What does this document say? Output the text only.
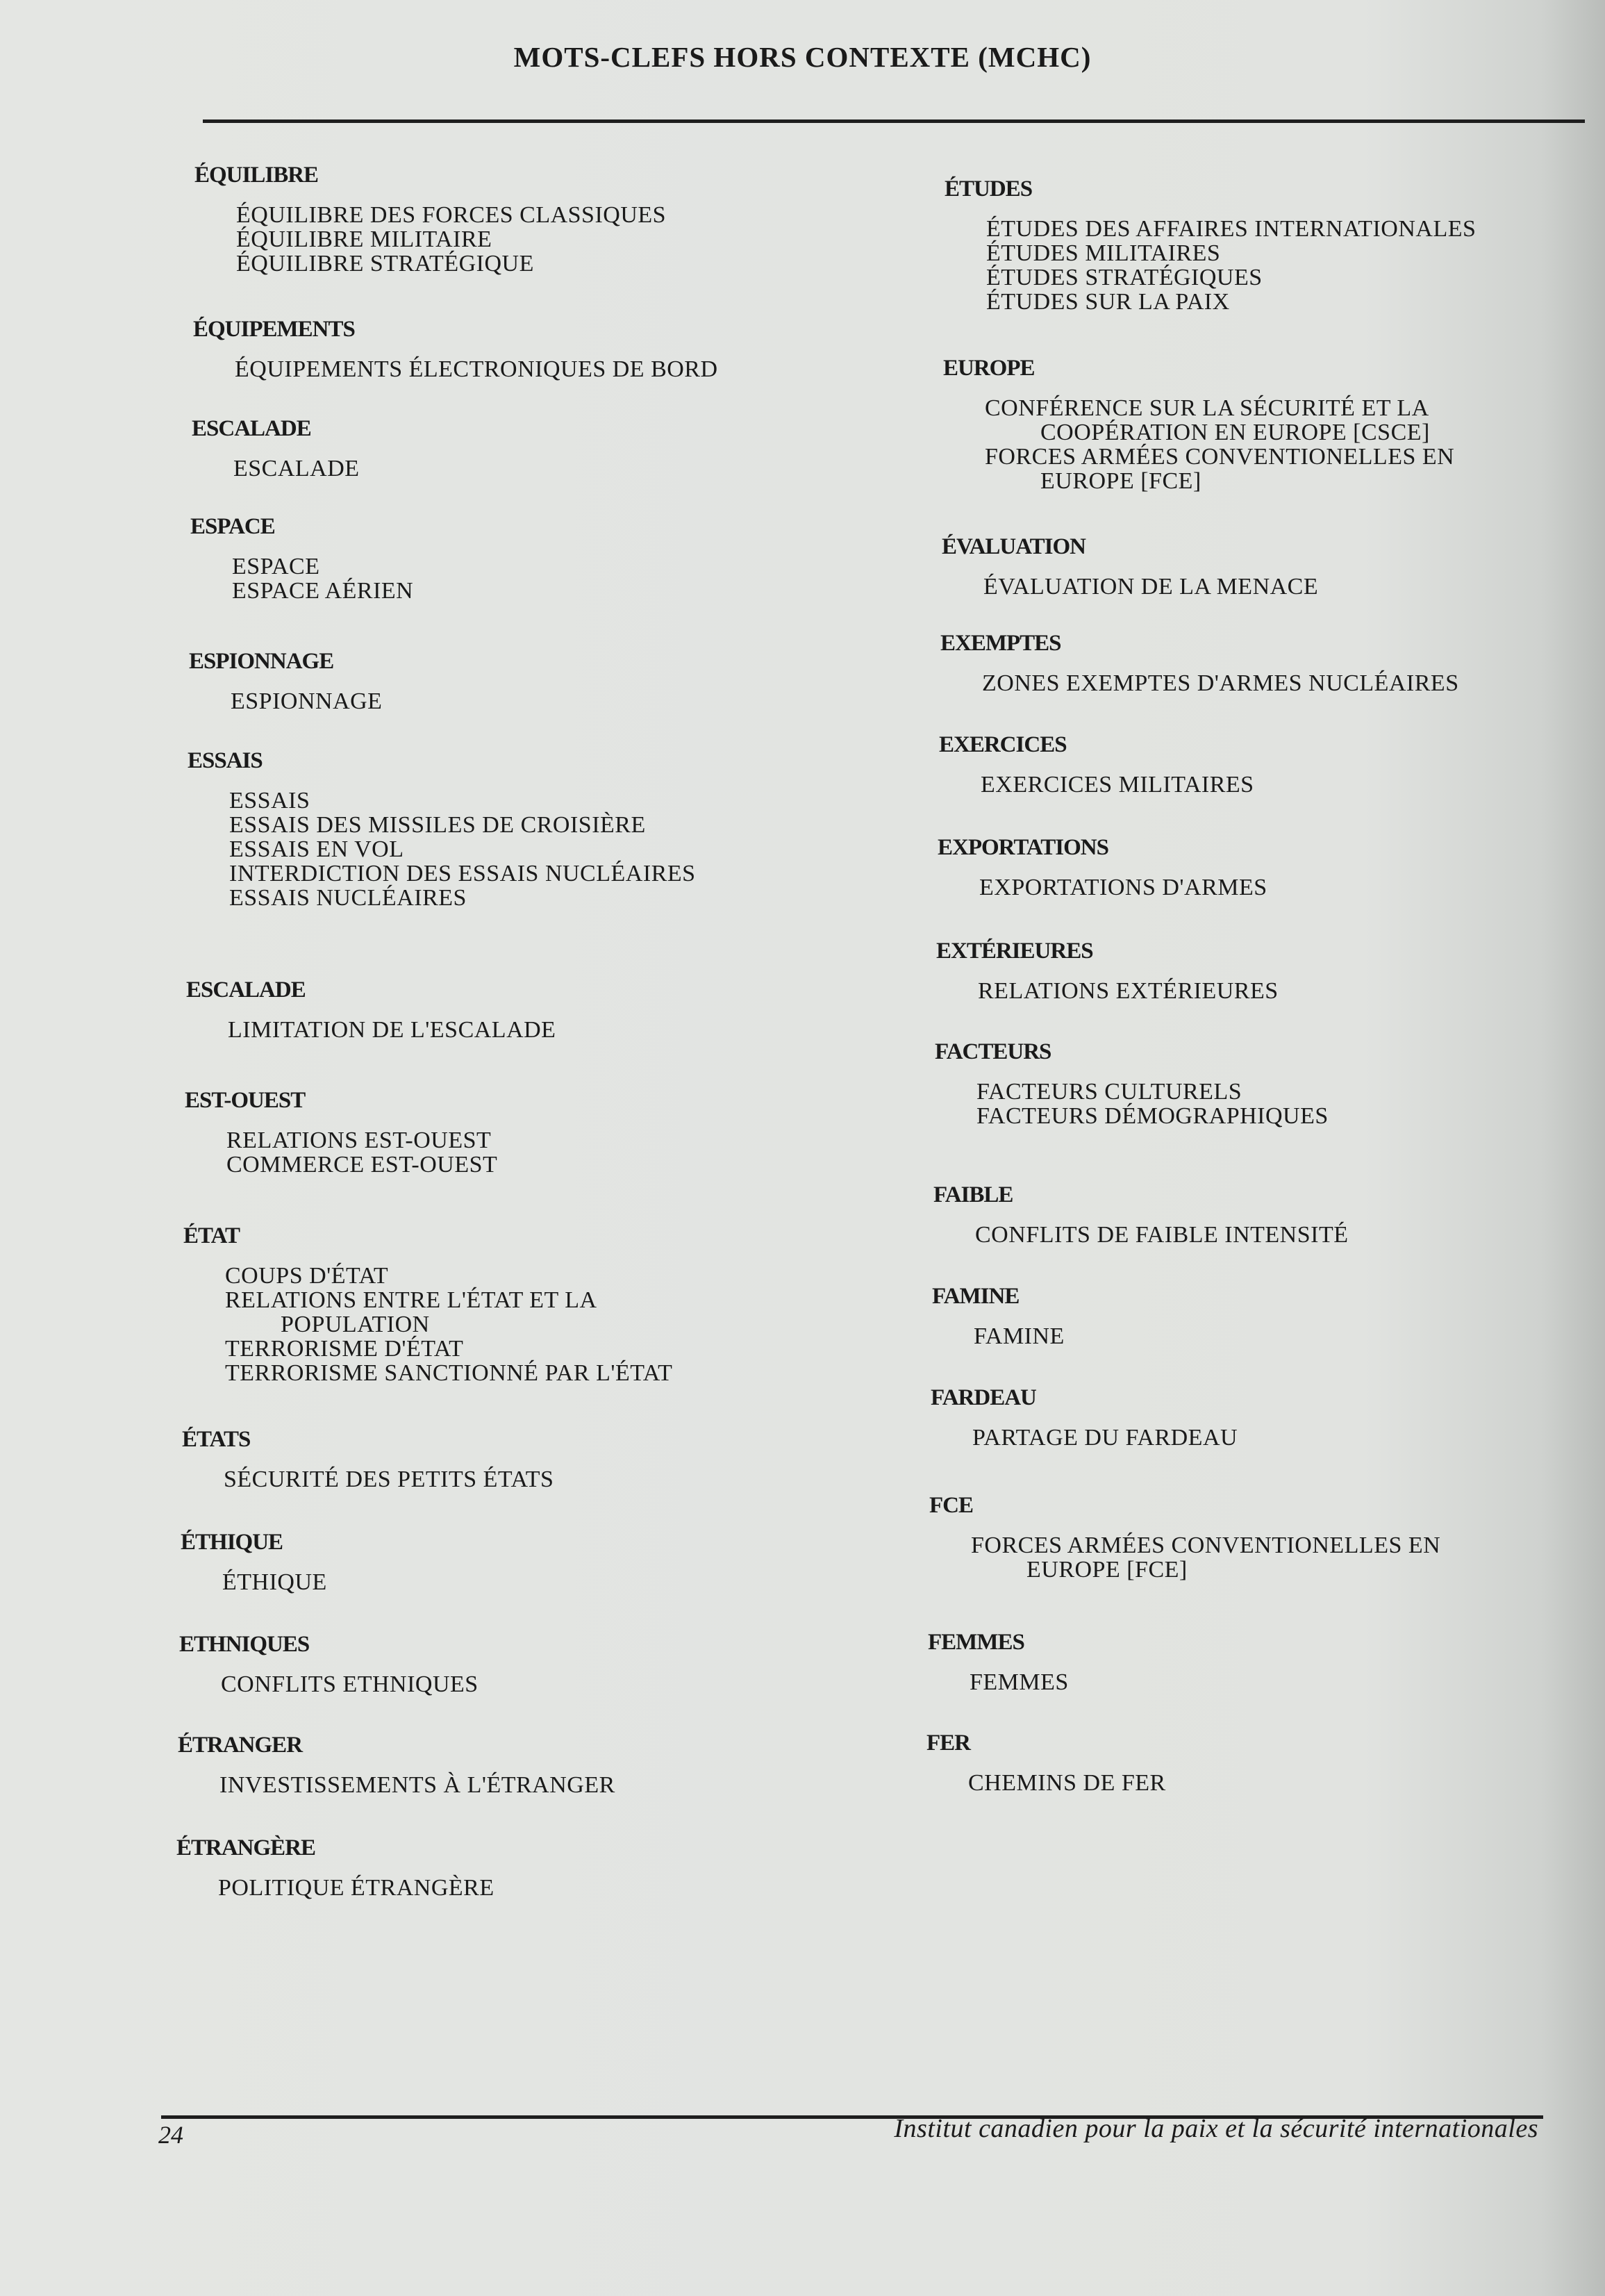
MOTS-CLEFS HORS CONTEXTE (MCHC)
ÉQUILIBRE
ÉQUILIBRE DES FORCES CLASSIQUES
ÉQUILIBRE MILITAIRE
ÉQUILIBRE STRATÉGIQUE
ÉQUIPEMENTS
ÉQUIPEMENTS ÉLECTRONIQUES DE BORD
ESCALADE
ESCALADE
ESPACE
ESPACE
ESPACE AÉRIEN
ESPIONNAGE
ESPIONNAGE
ESSAIS
ESSAIS
ESSAIS DES MISSILES DE CROISIÈRE
ESSAIS EN VOL
INTERDICTION DES ESSAIS NUCLÉAIRES
ESSAIS NUCLÉAIRES
ESCALADE
LIMITATION DE L'ESCALADE
EST-OUEST
RELATIONS EST-OUEST
COMMERCE EST-OUEST
ÉTAT
COUPS D'ÉTAT
RELATIONS ENTRE L'ÉTAT ET LA
POPULATION
TERRORISME D'ÉTAT
TERRORISME SANCTIONNÉ PAR L'ÉTAT
ÉTATS
SÉCURITÉ DES PETITS ÉTATS
ÉTHIQUE
ÉTHIQUE
ETHNIQUES
CONFLITS ETHNIQUES
ÉTRANGER
INVESTISSEMENTS À L'ÉTRANGER
ÉTRANGÈRE
POLITIQUE ÉTRANGÈRE
ÉTUDES
ÉTUDES DES AFFAIRES INTERNATIONALES
ÉTUDES MILITAIRES
ÉTUDES STRATÉGIQUES
ÉTUDES SUR LA PAIX
EUROPE
CONFÉRENCE SUR LA SÉCURITÉ ET LA
COOPÉRATION EN EUROPE [CSCE]
FORCES ARMÉES CONVENTIONELLES EN
EUROPE [FCE]
ÉVALUATION
ÉVALUATION DE LA MENACE
EXEMPTES
ZONES EXEMPTES D'ARMES NUCLÉAIRES
EXERCICES
EXERCICES MILITAIRES
EXPORTATIONS
EXPORTATIONS D'ARMES
EXTÉRIEURES
RELATIONS EXTÉRIEURES
FACTEURS
FACTEURS CULTURELS
FACTEURS DÉMOGRAPHIQUES
FAIBLE
CONFLITS DE FAIBLE INTENSITÉ
FAMINE
FAMINE
FARDEAU
PARTAGE DU FARDEAU
FCE
FORCES ARMÉES CONVENTIONELLES EN
EUROPE [FCE]
FEMMES
FEMMES
FER
CHEMINS DE FER
24	Institut canadien pour la paix et la sécurité internationales
